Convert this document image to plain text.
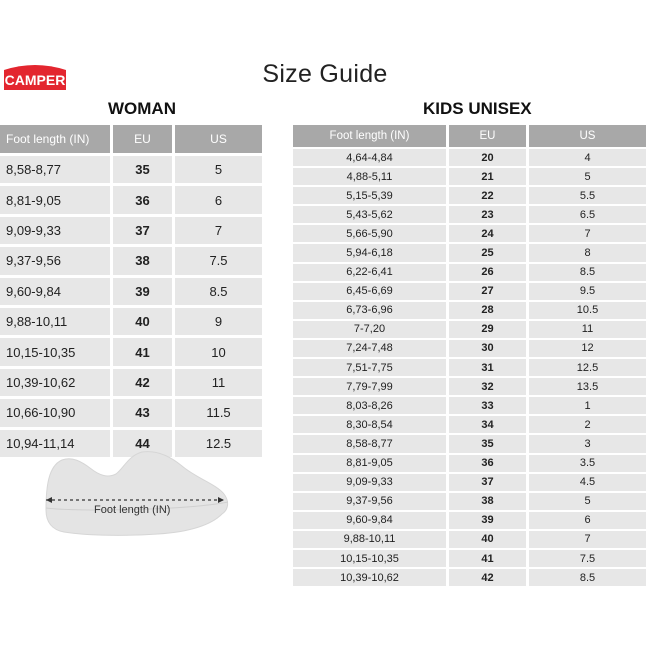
CAMPER	Size Guide
WOMAN	KIDS UNISEX
Foot length (IN)	EU	US
8,58-8,77	35	5
8,81-9,05	36	6
9,09-9,33	37	7
9,37-9,56	38	7.5
9,60-9,84	39	8.5
9,88-10,11	40	9
10,15-10,35	41	10
10,39-10,62	42	11
10,66-10,90	43	11.5
10,94-11,14	44	12.5
Foot length (IN)	EU	US
4,64-4,84	20	4
4,88-5,11	21	5
5,15-5,39	22	5.5
5,43-5,62	23	6.5
5,66-5,90	24	7
5,94-6,18	25	8
6,22-6,41	26	8.5
6,45-6,69	27	9.5
6,73-6,96	28	10.5
7-7,20	29	11
7,24-7,48	30	12
7,51-7,75	31	12.5
7,79-7,99	32	13.5
8,03-8,26	33	1
8,30-8,54	34	2
8,58-8,77	35	3
8,81-9,05	36	3.5
9,09-9,33	37	4.5
9,37-9,56	38	5
9,60-9,84	39	6
9,88-10,11	40	7
10,15-10,35	41	7.5
10,39-10,62	42	8.5
Foot length (IN)
